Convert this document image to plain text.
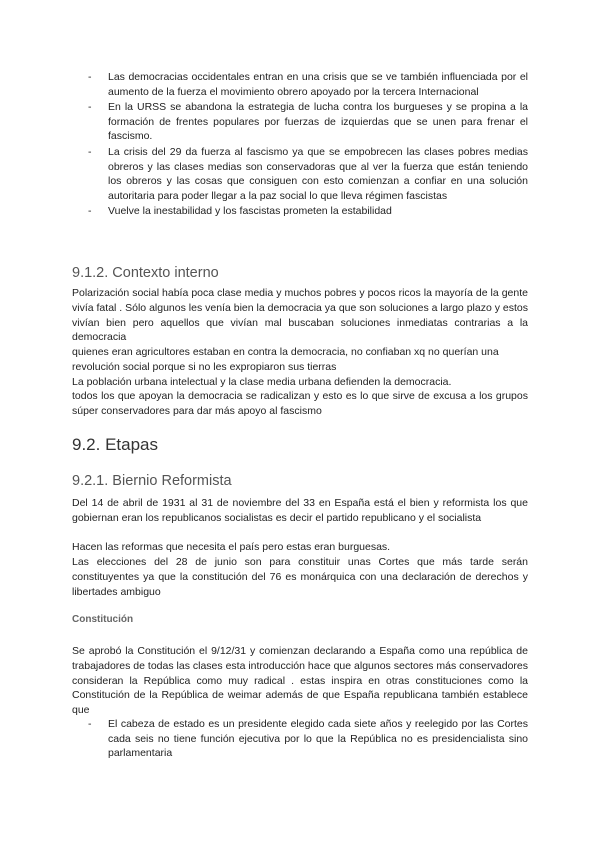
- Las democracias occidentales entran en una crisis que se ve también influenciada por el aumento de la fuerza el movimiento obrero apoyado por la tercera Internacional
- En la URSS se abandona la estrategia de lucha contra los burgueses y se propina a la formación de frentes populares por fuerzas de izquierdas que se unen para frenar el fascismo.
- La crisis del 29 da fuerza al fascismo ya que se empobrecen las clases pobres medias obreros y las clases medias son conservadoras que al ver la fuerza que están teniendo los obreros y las cosas que consiguen con esto comienzan a confiar en una solución autoritaria para poder llegar a la paz social lo que lleva régimen fascistas
- Vuelve la inestabilidad y los fascistas prometen la estabilidad
9.1.2. Contexto interno

Polarización social había poca clase media y muchos pobres y pocos ricos la mayoría de la gente vivía fatal . Sólo algunos les venía bien la democracia ya que son soluciones a largo plazo y estos vivían bien pero aquellos que vivían mal buscaban soluciones inmediatas contrarias a la democracia

quienes eran agricultores estaban en contra la democracia, no confiaban xq no querían una revolución social porque si no les expropiaron sus tierras

La población urbana intelectual y la clase media urbana defienden la democracia.

todos los que apoyan la democracia se radicalizan y esto es lo que sirve de excusa a los grupos súper conservadores para dar más apoyo al fascismo

9.2. Etapas
9.2.1. Biernio Reformista

Del 14 de abril de 1931 al 31 de noviembre del 33 en España está el bien y reformista los que gobiernan eran los republicanos socialistas es decir el partido republicano y el socialista

Hacen las reformas que necesita el país pero estas eran burguesas.

Las elecciones del 28 de junio son para constituir unas Cortes que más tarde serán constituyentes ya que la constitución del 76 es monárquica con una declaración de derechos y libertades ambiguo

Constitución

Se aprobó la Constitución el 9/12/31 y comienzan declarando a España como una república de trabajadores de todas las clases esta introducción hace que algunos sectores más conservadores consideran la República como muy radical . estas inspira en otras constituciones como la Constitución de la República de weimar además de que España republicana también establece que

- El cabeza de estado es un presidente elegido cada siete años y reelegido por las Cortes cada seis no tiene función ejecutiva por lo que la República no es presidencialista sino parlamentaria
